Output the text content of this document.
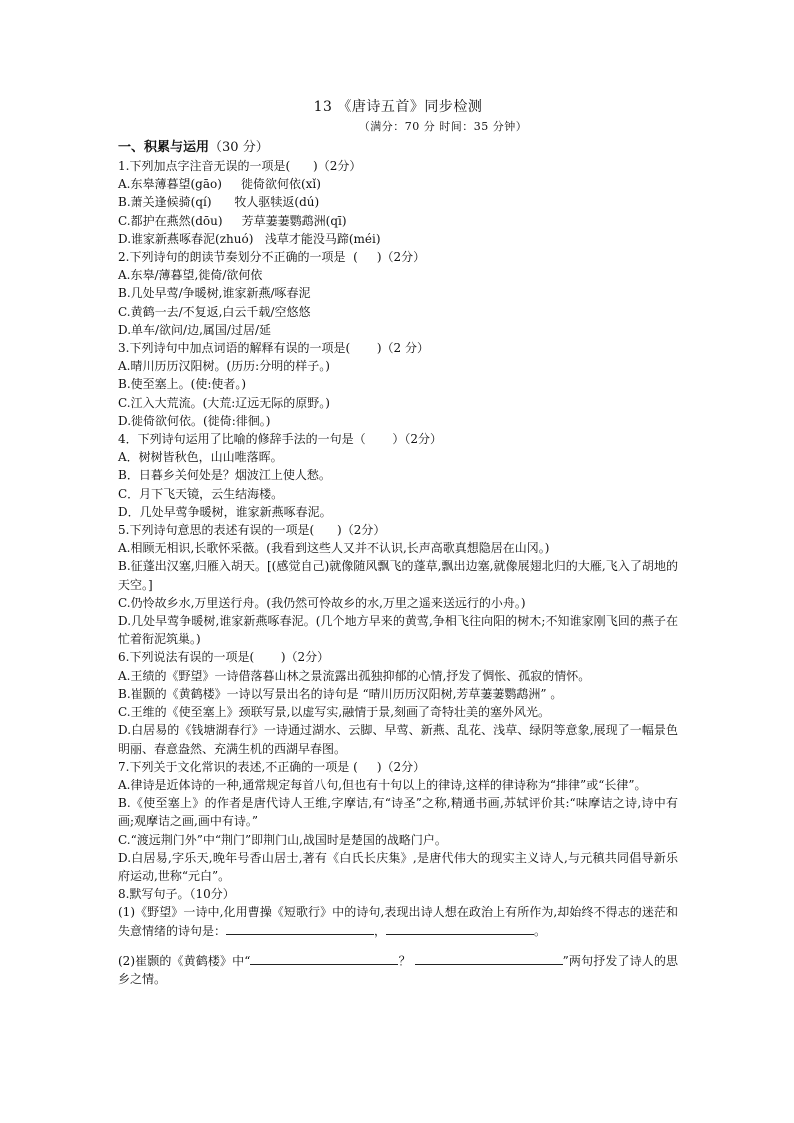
13 《唐诗五首》同步检测

（满分：70 分 时间：35 分钟）

一、积累与运用（30 分）

1.下列加点字注音无误的一项是(      )（2分）

A.东皋薄暮望(gāo)     徙倚欲何依(xǐ)

B.萧关逢候骑(qí)      牧人驱犊返(dú)

C.都护在燕然(dōu)     芳草萋萋鹦鹉洲(qī)

D.谁家新燕啄春泥(zhuó)   浅草才能没马蹄(méi)

2.下列诗句的朗读节奏划分不正确的一项是  (     )（2分）

A.东皋/薄暮望,徙倚/欲何依

B.几处早莺/争暖树,谁家新燕/啄春泥

C.黄鹤一去/不复返,白云千载/空悠悠

D.单车/欲问/边,属国/过居/延

3.下列诗句中加点词语的解释有误的一项是(       )（2 分）

A.晴川历历汉阳树。(历历:分明的样子。)

B.使至塞上。(使:使者。)

C.江入大荒流。(大荒:辽远无际的原野。)

D.徙倚欲何依。(徙倚:徘徊。)

4．下列诗句运用了比喻的修辞手法的一句是（       ）（2分）

A．树树皆秋色，山山唯落晖。

B．日暮乡关何处是？烟波江上使人愁。

C．月下飞天镜，云生结海楼。

D．几处早莺争暖树，谁家新燕啄春泥。

5.下列诗句意思的表述有误的一项是(      )（2分）

A.相顾无相识,长歌怀采薇。(我看到这些人又并不认识,长声高歌真想隐居在山冈。)

B.征蓬出汉塞,归雁入胡天。[(感觉自己)就像随风飘飞的蓬草,飘出边塞,就像展翅北归的大雁,飞入了胡地的天空。]

C.仍怜故乡水,万里送行舟。(我仍然可怜故乡的水,万里之遥来送远行的小舟。)

D.几处早莺争暖树,谁家新燕啄春泥。(几个地方早来的黄莺,争相飞往向阳的树木;不知谁家刚飞回的燕子在忙着衔泥筑巢。)

6.下列说法有误的一项是(       )（2分）

A.王绩的《野望》一诗借落暮山林之景流露出孤独抑郁的心情,抒发了惆怅、孤寂的情怀。

B.崔颢的《黄鹤楼》一诗以写景出名的诗句是 “晴川历历汉阳树,芳草萋萋鹦鹉洲” 。

C.王维的《使至塞上》颈联写景,以虚写实,融情于景,刻画了奇特壮美的塞外风光。

D.白居易的《钱塘湖春行》一诗通过湖水、云脚、早莺、新燕、乱花、浅草、绿阴等意象,展现了一幅景色明丽、春意盎然、充满生机的西湖早春图。

7.下列关于文化常识的表述,不正确的一项是 (     )（2分）

A.律诗是近体诗的一种,通常规定每首八句,但也有十句以上的律诗,这样的律诗称为“排律”或“长律”。

B.《使至塞上》的作者是唐代诗人王维,字摩诘,有“诗圣”之称,精通书画,苏轼评价其:“味摩诘之诗,诗中有画;观摩诘之画,画中有诗。”

C.“渡远荆门外”中“荆门”即荆门山,战国时是楚国的战略门户。

D.白居易,字乐天,晚年号香山居士,著有《白氏长庆集》,是唐代伟大的现实主义诗人,与元稹共同倡导新乐府运动,世称“元白”。

8.默写句子。（10分）

(1)《野望》一诗中,化用曹操《短歌行》中的诗句,表现出诗人想在政治上有所作为,却始终不得志的迷茫和失意情绪的诗句是：	，	。

(2)崔颢的《黄鹤楼》中“	？	”两句抒发了诗人的思乡之情。
